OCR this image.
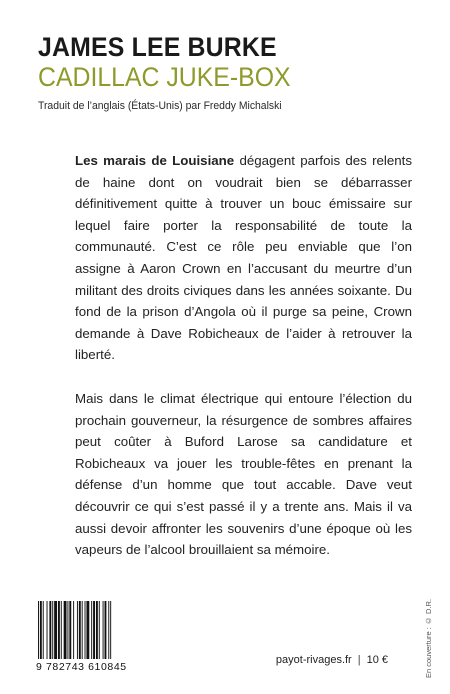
JAMES LEE BURKE
CADILLAC JUKE-BOX
Traduit de l’anglais (États-Unis) par Freddy Michalski

Les marais de Louisiane dégagent parfois des relents de haine dont on voudrait bien se débarrasser définitivement quitte à trouver un bouc émissaire sur lequel faire porter la responsabilité de toute la communauté. C’est ce rôle peu enviable que l’on assigne à Aaron Crown en l’accusant du meurtre d’un militant des droits civiques dans les années soixante. Du fond de la prison d’Angola où il purge sa peine, Crown demande à Dave Robicheaux de l’aider à retrouver la liberté.

Mais dans le climat électrique qui entoure l’élection du prochain gouverneur, la résurgence de sombres affaires peut coûter à Buford Larose sa candidature et Robicheaux va jouer les trouble-fêtes en prenant la défense d’un homme que tout accable. Dave veut découvrir ce qui s’est passé il y a trente ans. Mais il va aussi devoir affronter les souvenirs d’une époque où les vapeurs de l’alcool brouillaient sa mémoire.

En couverture : © D.R.
9 782743 610845
payot-rivages.fr | 10 €
